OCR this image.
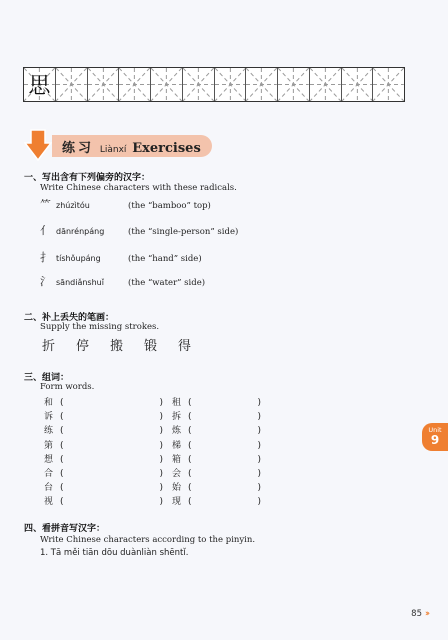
思
练习 Liànxí Exercises
一、写出含有下列偏旁的汉字：
Write Chinese characters with these radicals.
⺮ zhúzìtóu	(the “bamboo” top)
亻 dānrénpáng	(the “single-person” side)
扌 tíshǒupáng	(the “hand” side)
氵 sāndiǎnshuǐ	(the “water” side)
二、补上丢失的笔画：
Supply the missing strokes.
折 停 搬 锻 得
三、组词：
Form words.
和 (	) 租 (	)
诉 (	) 拆 (	)
练 (	) 炼 (	)
第 (	) 梯 (	)
想 (	) 箱 (	)
合 (	) 会 (	)
台 (	) 始 (	)
视 (	) 现 (	)
四、看拼音写汉字：
Write Chinese characters according to the pinyin.
1. Tā měi tiān dōu duànliàn shēntǐ.
Unit
9
85 ››
